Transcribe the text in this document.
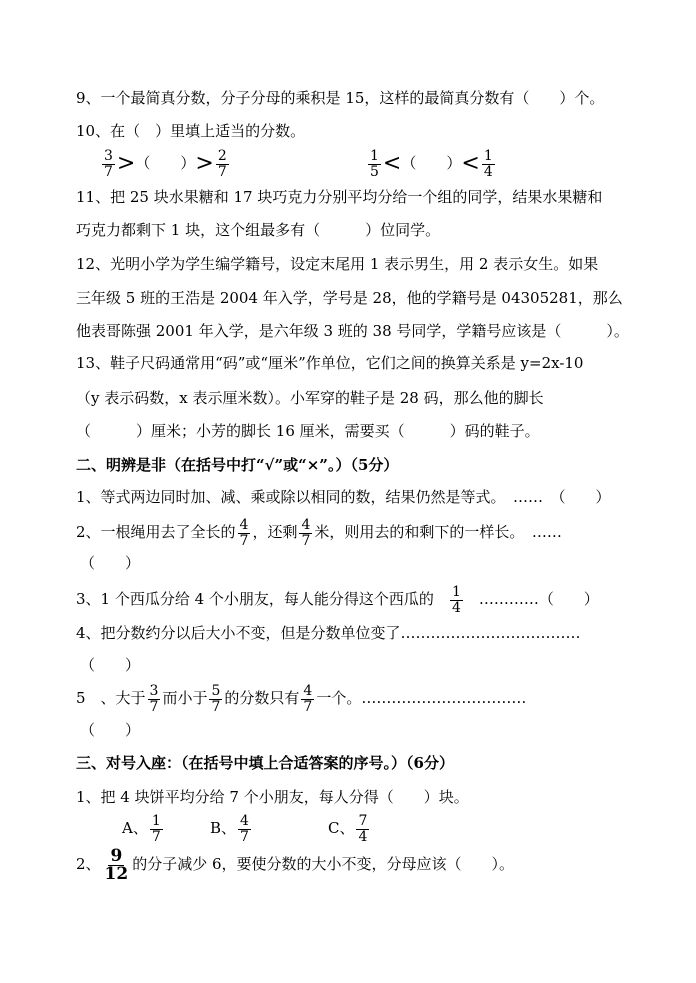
9、一个最简真分数，分子分母的乘积是 15，这样的最简真分数有（　　）个。
10、在（　）里填上适当的分数。
$\frac{3}{7}$ >（　　）> $\frac{2}{7}$	$\frac{1}{5}$ <（　　）< $\frac{1}{4}$
11、把 25 块水果糖和 17 块巧克力分别平均分给一个组的同学，结果水果糖和
巧克力都剩下 1 块，这个组最多有（　　　）位同学。
12、光明小学为学生编学籍号，设定末尾用 1 表示男生，用 2 表示女生。如果
三年级 5 班的王浩是 2004 年入学，学号是 28，他的学籍号是 04305281，那么
他表哥陈强 2001 年入学，是六年级 3 班的 38 号同学，学籍号应该是（　　　）。
13、鞋子尺码通常用“码”或“厘米”作单位，它们之间的换算关系是 y=2x-10
（y 表示码数，x 表示厘米数）。小军穿的鞋子是 28 码，那么他的脚长
（　　　）厘米；小芳的脚长 16 厘米，需要买（　　　）码的鞋子。
二、明辨是非（在括号中打“√”或“×”。）（5分）
1、等式两边同时加、减、乘或除以相同的数，结果仍然是等式。　……　（　　）
2、一根绳用去了全长的 $\frac{4}{7}$ ，还剩 $\frac{4}{7}$ 米，则用去的和剩下的一样长。　……
（　　）
3、1 个西瓜分给 4 个小朋友，每人能分得这个西瓜的 $\frac{1}{4}$ …………（　　）
4、把分数约分以后大小不变，但是分数单位变了………………………………
（　　）
5　、大于 $\frac{3}{7}$ 而小于 $\frac{5}{7}$ 的分数只有 $\frac{4}{7}$ 一个。……………………………
（　　）
三、对号入座：（在括号中填上合适答案的序号。）（6分）
1、把 4 块饼平均分给 7 个小朋友，每人分得（　　）块。
A、 $\frac{1}{7}$	B、 $\frac{4}{7}$	C、 $\frac{7}{4}$
2、 $\frac{9}{12}$ 的分子减少 6，要使分数的大小不变，分母应该（　　）。
